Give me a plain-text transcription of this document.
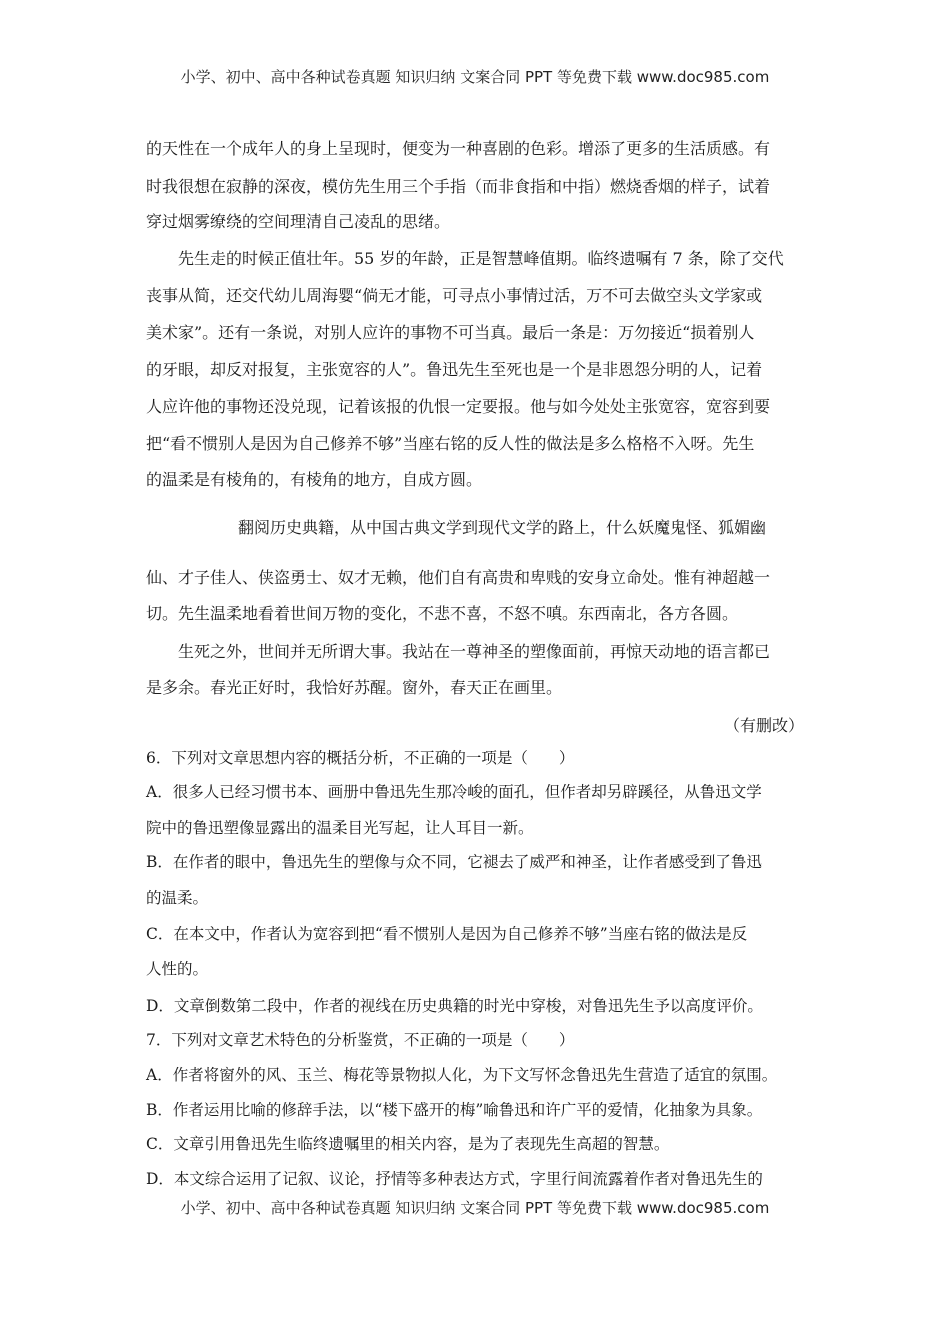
小学、初中、高中各种试卷真题 知识归纳 文案合同 PPT 等免费下载 www.doc985.com
的天性在一个成年人的身上呈现时，便变为一种喜剧的色彩。增添了更多的生活质感。有
时我很想在寂静的深夜，模仿先生用三个手指（而非食指和中指）燃烧香烟的样子，试着
穿过烟雾缭绕的空间理清自己凌乱的思绪。
先生走的时候正值壮年。55 岁的年龄，正是智慧峰值期。临终遗嘱有 7 条，除了交代
丧事从简，还交代幼儿周海婴“倘无才能，可寻点小事情过活，万不可去做空头文学家或
美术家”。还有一条说，对别人应许的事物不可当真。最后一条是：万勿接近“损着别人
的牙眼，却反对报复，主张宽容的人”。鲁迅先生至死也是一个是非恩怨分明的人，记着
人应许他的事物还没兑现，记着该报的仇恨一定要报。他与如今处处主张宽容，宽容到要
把“看不惯别人是因为自己修养不够”当座右铭的反人性的做法是多么格格不入呀。先生
的温柔是有棱角的，有棱角的地方，自成方圆。
翻阅历史典籍，从中国古典文学到现代文学的路上，什么妖魔鬼怪、狐媚幽
仙、才子佳人、侠盗勇士、奴才无赖，他们自有高贵和卑贱的安身立命处。惟有神超越一
切。先生温柔地看着世间万物的变化，不悲不喜，不怒不嗔。东西南北，各方各圆。
生死之外，世间并无所谓大事。我站在一尊神圣的塑像面前，再惊天动地的语言都已
是多余。春光正好时，我恰好苏醒。窗外，春天正在画里。
（有删改）
6．下列对文章思想内容的概括分析，不正确的一项是（　　）
A．很多人已经习惯书本、画册中鲁迅先生那冷峻的面孔，但作者却另辟蹊径，从鲁迅文学
院中的鲁迅塑像显露出的温柔目光写起，让人耳目一新。
B．在作者的眼中，鲁迅先生的塑像与众不同，它褪去了威严和神圣，让作者感受到了鲁迅
的温柔。
C．在本文中，作者认为宽容到把“看不惯别人是因为自己修养不够”当座右铭的做法是反
人性的。
D．文章倒数第二段中，作者的视线在历史典籍的时光中穿梭，对鲁迅先生予以高度评价。
7．下列对文章艺术特色的分析鉴赏，不正确的一项是（　　）
A．作者将窗外的风、玉兰、梅花等景物拟人化，为下文写怀念鲁迅先生营造了适宜的氛围。
B．作者运用比喻的修辞手法，以“楼下盛开的梅”喻鲁迅和许广平的爱情，化抽象为具象。
C．文章引用鲁迅先生临终遗嘱里的相关内容，是为了表现先生高超的智慧。
D．本文综合运用了记叙、议论，抒情等多种表达方式，字里行间流露着作者对鲁迅先生的
小学、初中、高中各种试卷真题 知识归纳 文案合同 PPT 等免费下载 www.doc985.com
